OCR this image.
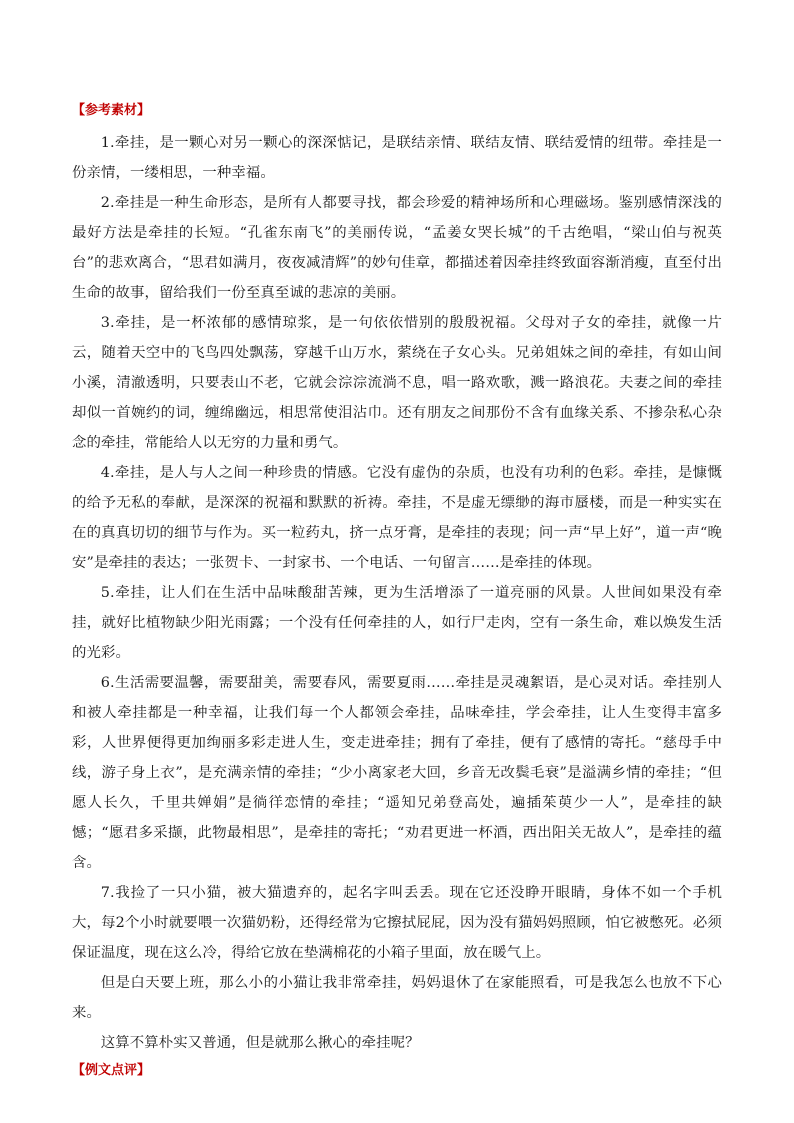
【参考素材】

1.牵挂，是一颗心对另一颗心的深深惦记，是联结亲情、联结友情、联结爱情的纽带。牵挂是一份亲情，一缕相思，一种幸福。

2.牵挂是一种生命形态，是所有人都要寻找，都会珍爱的精神场所和心理磁场。鉴别感情深浅的最好方法是牵挂的长短。“孔雀东南飞”的美丽传说，“孟姜女哭长城”的千古绝唱，“梁山伯与祝英台”的悲欢离合，“思君如满月，夜夜减清辉”的妙句佳章，都描述着因牵挂终致面容渐消瘦，直至付出生命的故事，留给我们一份至真至诚的悲凉的美丽。

3.牵挂，是一杯浓郁的感情琼浆，是一句依依惜别的殷殷祝福。父母对子女的牵挂，就像一片云，随着天空中的飞鸟四处飘荡，穿越千山万水，萦绕在子女心头。兄弟姐妹之间的牵挂，有如山间小溪，清澈透明，只要表山不老，它就会淙淙流淌不息，唱一路欢歌，溅一路浪花。夫妻之间的牵挂却似一首婉约的词，缠绵幽远，相思常使泪沾巾。还有朋友之间那份不含有血缘关系、不掺杂私心杂念的牵挂，常能给人以无穷的力量和勇气。

4.牵挂，是人与人之间一种珍贵的情感。它没有虚伪的杂质，也没有功利的色彩。牵挂，是慷慨的给予无私的奉献，是深深的祝福和默默的祈祷。牵挂，不是虚无缥缈的海市蜃楼，而是一种实实在在的真真切切的细节与作为。买一粒药丸，挤一点牙膏，是牵挂的表现；问一声“早上好”，道一声“晚安”是牵挂的表达；一张贺卡、一封家书、一个电话、一句留言……是牵挂的体现。

5.牵挂，让人们在生活中品味酸甜苦辣，更为生活增添了一道亮丽的风景。人世间如果没有牵挂，就好比植物缺少阳光雨露；一个没有任何牵挂的人，如行尸走肉，空有一条生命，难以焕发生活的光彩。

6.生活需要温馨，需要甜美，需要春风，需要夏雨……牵挂是灵魂絮语，是心灵对话。牵挂别人和被人牵挂都是一种幸福，让我们每一个人都领会牵挂，品味牵挂，学会牵挂，让人生变得丰富多彩，人世界便得更加绚丽多彩走进人生，变走进牵挂；拥有了牵挂，便有了感情的寄托。“慈母手中线，游子身上衣”，是充满亲情的牵挂；“少小离家老大回，乡音无改鬓毛衰”是溢满乡情的牵挂；“但愿人长久，千里共婵娟”是徜徉恋情的牵挂；“遥知兄弟登高处，遍插茱萸少一人”，是牵挂的缺憾；“愿君多采撷，此物最相思”，是牵挂的寄托；“劝君更进一杯酒，西出阳关无故人”，是牵挂的蕴含。

7.我捡了一只小猫，被大猫遗弃的，起名字叫丢丢。现在它还没睁开眼睛，身体不如一个手机大，每2个小时就要喂一次猫奶粉，还得经常为它擦拭屁屁，因为没有猫妈妈照顾，怕它被憋死。必须保证温度，现在这么冷，得给它放在垫满棉花的小箱子里面，放在暖气上。

但是白天要上班，那么小的小猫让我非常牵挂，妈妈退休了在家能照看，可是我怎么也放不下心来。

这算不算朴实又普通，但是就那么揪心的牵挂呢？

【例文点评】
